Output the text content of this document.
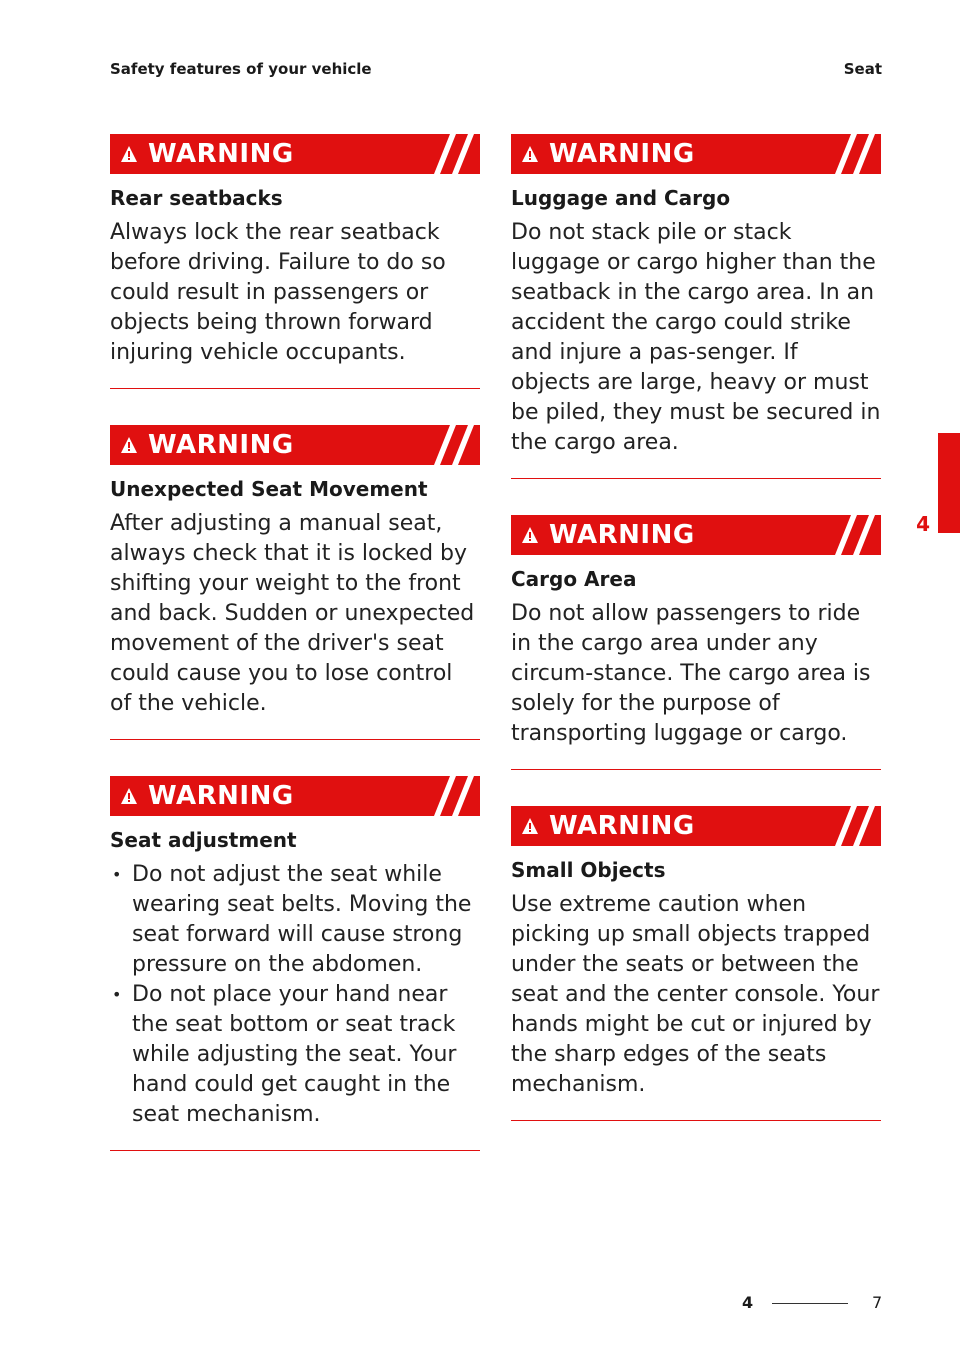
Safety features of your vehicle	Seat
WARNING
Rear seatbacks

Always lock the rear seatback before driving. Failure to do so could result in passengers or objects being thrown forward injuring vehicle occupants.

WARNING
Unexpected Seat Movement

After adjusting a manual seat, always check that it is locked by shifting your weight to the front and back. Sudden or unexpected movement of the driver's seat could cause you to lose control of the vehicle.

WARNING
Seat adjustment
• Do not adjust the seat while wearing seat belts. Moving the seat forward will cause strong pressure on the abdomen.
• Do not place your hand near the seat bottom or seat track while adjusting the seat. Your hand could get caught in the seat mechanism.
WARNING
Luggage and Cargo

Do not stack pile or stack luggage or cargo higher than the seatback in the cargo area. In an accident the cargo could strike and injure a pas-senger. If objects are large, heavy or must be piled, they must be secured in the cargo area.

WARNING
Cargo Area

Do not allow passengers to ride in the cargo area under any circum-stance. The cargo area is solely for the purpose of transporting luggage or cargo.

WARNING
Small Objects

Use extreme caution when picking up small objects trapped under the seats or between the seat and the center console. Your hands might be cut or injured by the sharp edges of the seats mechanism.

4
4	7
